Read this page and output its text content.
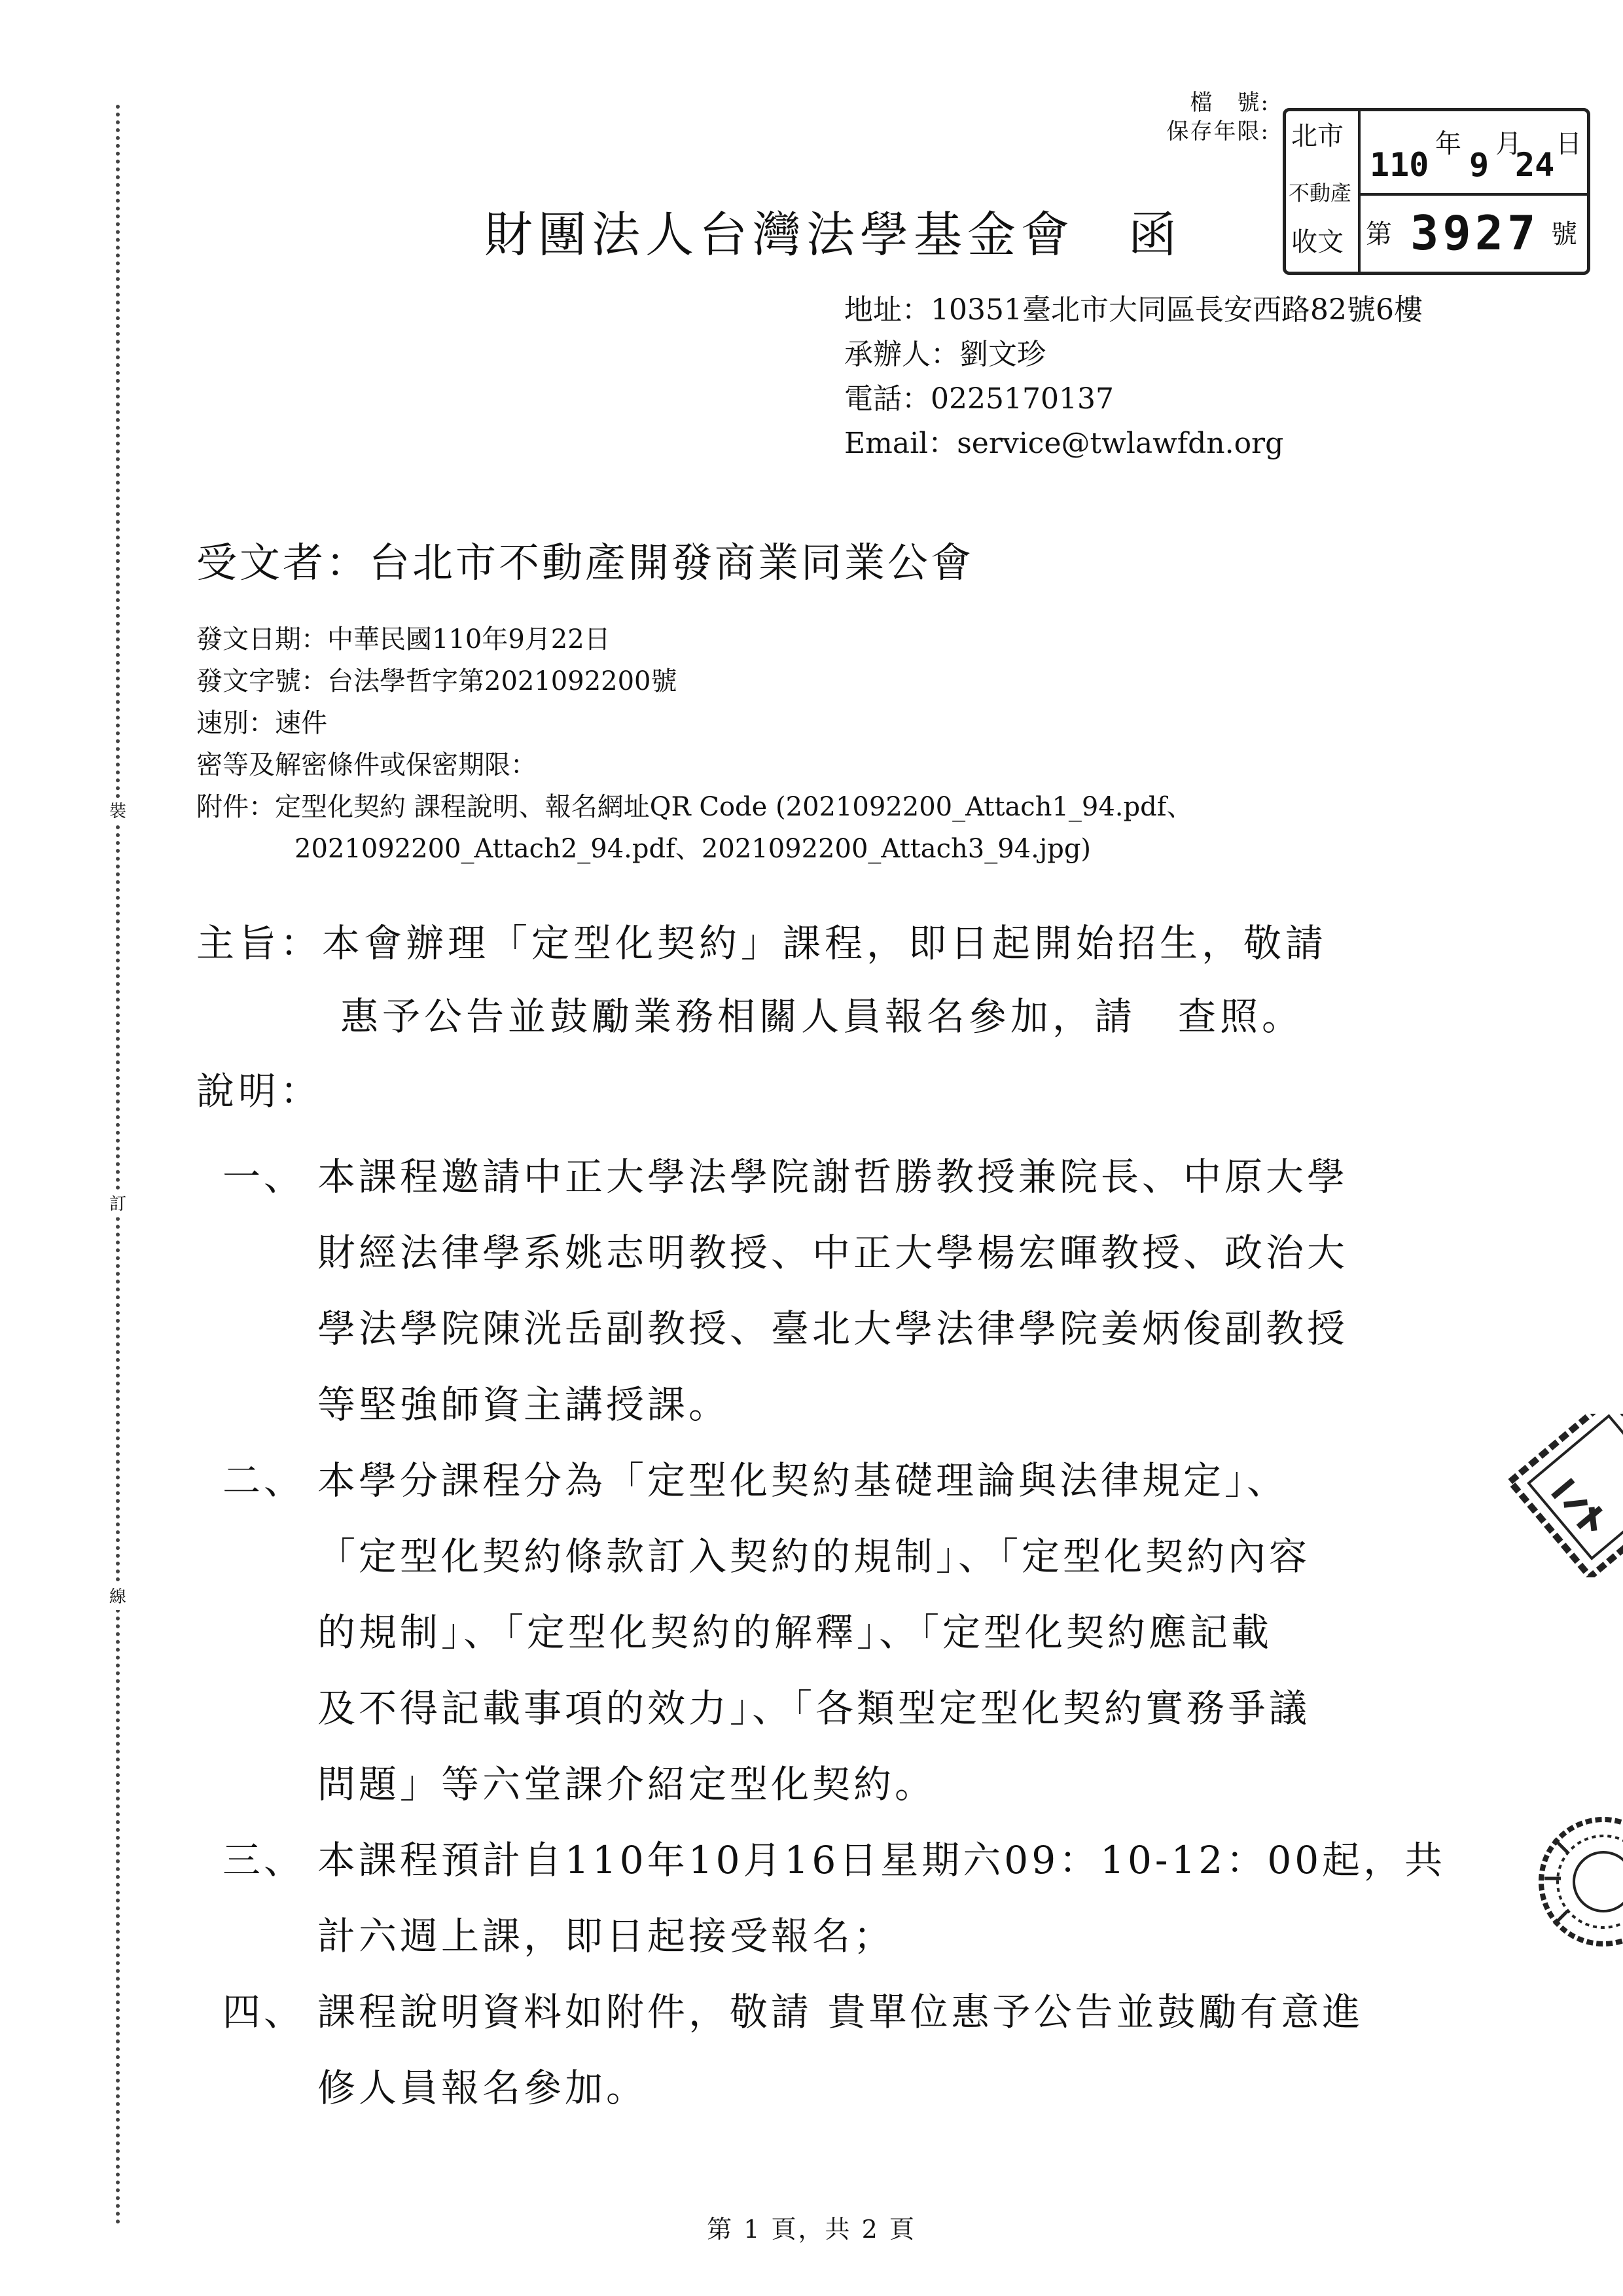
裝
訂
線
檔　號:
保存年限: 北市
不動產
收文
110
年
9
月
24
日
第 3927 號
財團法人台灣法學基金會　函
地址：10351臺北市大同區長安西路82號6樓
承辦人：劉文珍
電話：0225170137
Email：service@twlawfdn.org
受文者：台北市不動產開發商業同業公會
發文日期：中華民國110年9月22日
發文字號：台法學哲字第2021092200號
速別：速件
密等及解密條件或保密期限：
附件：定型化契約 課程說明、報名網址QR Code (2021092200_Attach1_94.pdf、
2021092200_Attach2_94.pdf、2021092200_Attach3_94.jpg)
主旨：本會辦理「定型化契約」課程，即日起開始招生，敬請
惠予公告並鼓勵業務相關人員報名參加，請　查照。
說明：
一、 本課程邀請中正大學法學院謝哲勝教授兼院長、中原大學
財經法律學系姚志明教授、中正大學楊宏暉教授、政治大
學法學院陳洸岳副教授、臺北大學法律學院姜炳俊副教授
等堅強師資主講授課。
二、 本學分課程分為「定型化契約基礎理論與法律規定」、
「定型化契約條款訂入契約的規制」、「定型化契約內容
的規制」、「定型化契約的解釋」、「定型化契約應記載
及不得記載事項的效力」、「各類型定型化契約實務爭議
問題」等六堂課介紹定型化契約。
三、 本課程預計自110年10月16日星期六09：10-12：00起，共
計六週上課，即日起接受報名；
四、 課程說明資料如附件，敬請 貴單位惠予公告並鼓勵有意進
修人員報名參加。
第 1 頁，共 2 頁
